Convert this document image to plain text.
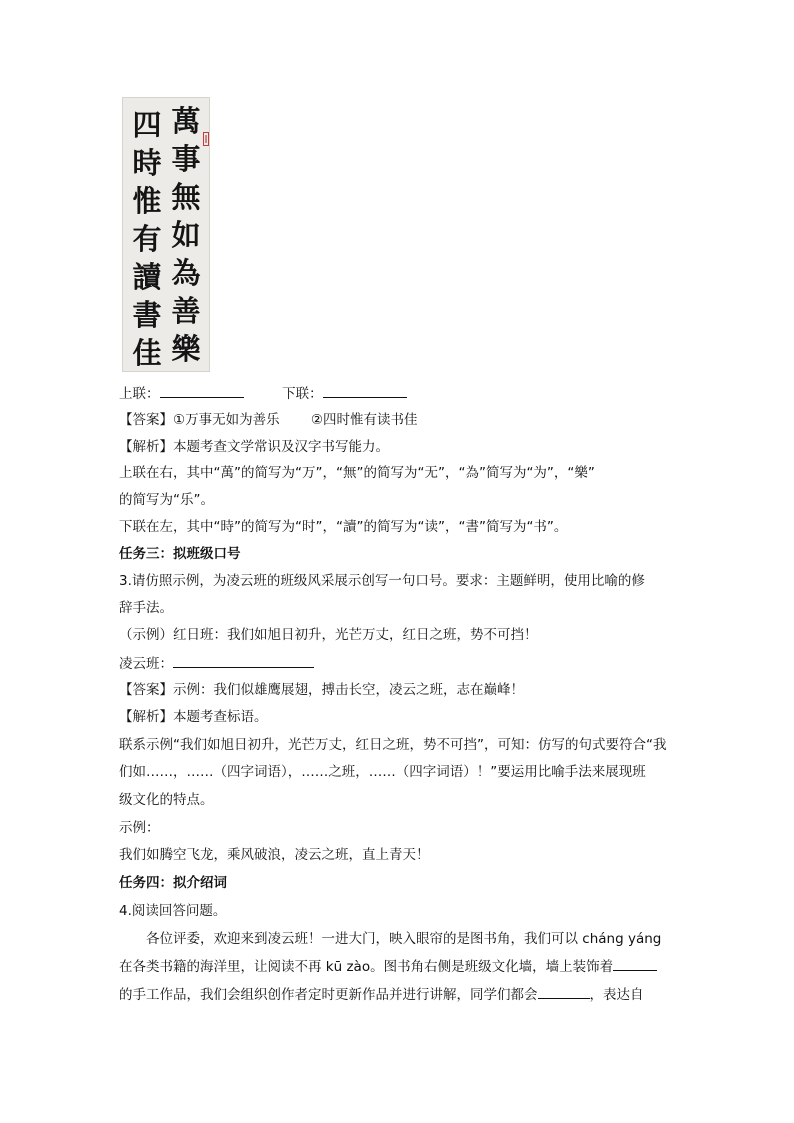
四
時
惟
有
讀
書
佳
萬
事
無
如
為
善
樂
上联：	下联：
【答案】①万事无如为善乐 　　②四时惟有读书佳
【解析】本题考查文学常识及汉字书写能力。
上联在右，其中“萬”的简写为“万”，“無”的简写为“无”，“為”简写为“为”，“樂”
的简写为“乐”。
下联在左，其中“時”的简写为“时”，“讀”的简写为“读”，“書”简写为“书”。
任务三：拟班级口号
3.请仿照示例，为凌云班的班级风采展示创写一句口号。要求：主题鲜明，使用比喻的修
辞手法。
（示例）红日班：我们如旭日初升，光芒万丈，红日之班，势不可挡！
凌云班：
【答案】示例：我们似雄鹰展翅，搏击长空，凌云之班，志在巅峰！
【解析】本题考查标语。
联系示例“我们如旭日初升，光芒万丈，红日之班，势不可挡”，可知：仿写的句式要符合“我
们如……，……（四字词语），……之班，……（四字词语）！”要运用比喻手法来展现班
级文化的特点。
示例：
我们如腾空飞龙，乘风破浪，凌云之班，直上青天！
任务四：拟介绍词
4.阅读回答问题。
　　各位评委，欢迎来到凌云班！一进大门，映入眼帘的是图书角，我们可以 cháng yáng
在各类书籍的海洋里，让阅读不再 kū zào。图书角右侧是班级文化墙，墙上装饰着
的手工作品，我们会组织创作者定时更新作品并进行讲解，同学们都会	，表达自
